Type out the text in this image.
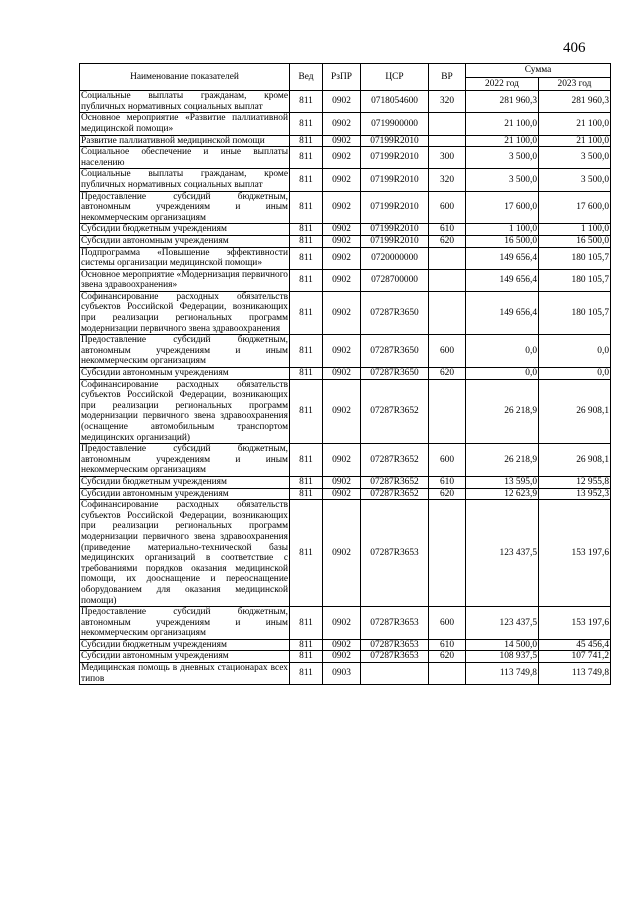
406
Наименование показателей	Вед	РзПР	ЦСР	ВР	Сумма	
					2022 год	2023 год
Социальные выплаты гражданам, кроме публичных нормативных социальных выплат	811	0902	0718054600	320	281 960,3	281 960,3
Основное мероприятие «Развитие паллиативной медицинской помощи»	811	0902	0719900000		21 100,0	21 100,0
Развитие паллиативной медицинской помощи	811	0902	07199R2010		21 100,0	21 100,0
Социальное обеспечение и иные выплаты населению	811	0902	07199R2010	300	3 500,0	3 500,0
Социальные выплаты гражданам, кроме публичных нормативных социальных выплат	811	0902	07199R2010	320	3 500,0	3 500,0
Предоставление субсидий бюджетным, автономным учреждениям и иным некоммерческим организациям	811	0902	07199R2010	600	17 600,0	17 600,0
Субсидии бюджетным учреждениям	811	0902	07199R2010	610	1 100,0	1 100,0
Субсидии автономным учреждениям	811	0902	07199R2010	620	16 500,0	16 500,0
Подпрограмма «Повышение эффективности системы организации медицинской помощи»	811	0902	0720000000		149 656,4	180 105,7
Основное мероприятие «Модернизация первичного звена здравоохранения»	811	0902	0728700000		149 656,4	180 105,7
Софинансирование расходных обязательств субъектов Российской Федерации, возникающих при реализации региональных программ модернизации первичного звена здравоохранения	811	0902	07287R3650		149 656,4	180 105,7
Предоставление субсидий бюджетным, автономным учреждениям и иным некоммерческим организациям	811	0902	07287R3650	600	0,0	0,0
Субсидии автономным учреждениям	811	0902	07287R3650	620	0,0	0,0
Софинансирование расходных обязательств субъектов Российской Федерации, возникающих при реализации региональных программ модернизации первичного звена здравоохранения (оснащение автомобильным транспортом медицинских организаций)	811	0902	07287R3652		26 218,9	26 908,1
Предоставление субсидий бюджетным, автономным учреждениям и иным некоммерческим организациям	811	0902	07287R3652	600	26 218,9	26 908,1
Субсидии бюджетным учреждениям	811	0902	07287R3652	610	13 595,0	12 955,8
Субсидии автономным учреждениям	811	0902	07287R3652	620	12 623,9	13 952,3
Софинансирование расходных обязательств субъектов Российской Федерации, возникающих при реализации региональных программ модернизации первичного звена здравоохранения (приведение материально-технической базы медицинских организаций в соответствие с требованиями порядков оказания медицинской помощи, их дооснащение и переоснащение оборудованием для оказания медицинской помощи)	811	0902	07287R3653		123 437,5	153 197,6
Предоставление субсидий бюджетным, автономным учреждениям и иным некоммерческим организациям	811	0902	07287R3653	600	123 437,5	153 197,6
Субсидии бюджетным учреждениям	811	0902	07287R3653	610	14 500,0	45 456,4
Субсидии автономным учреждениям	811	0902	07287R3653	620	108 937,5	107 741,2
Медицинская помощь в дневных стационарах всех типов	811	0903			113 749,8	113 749,8
